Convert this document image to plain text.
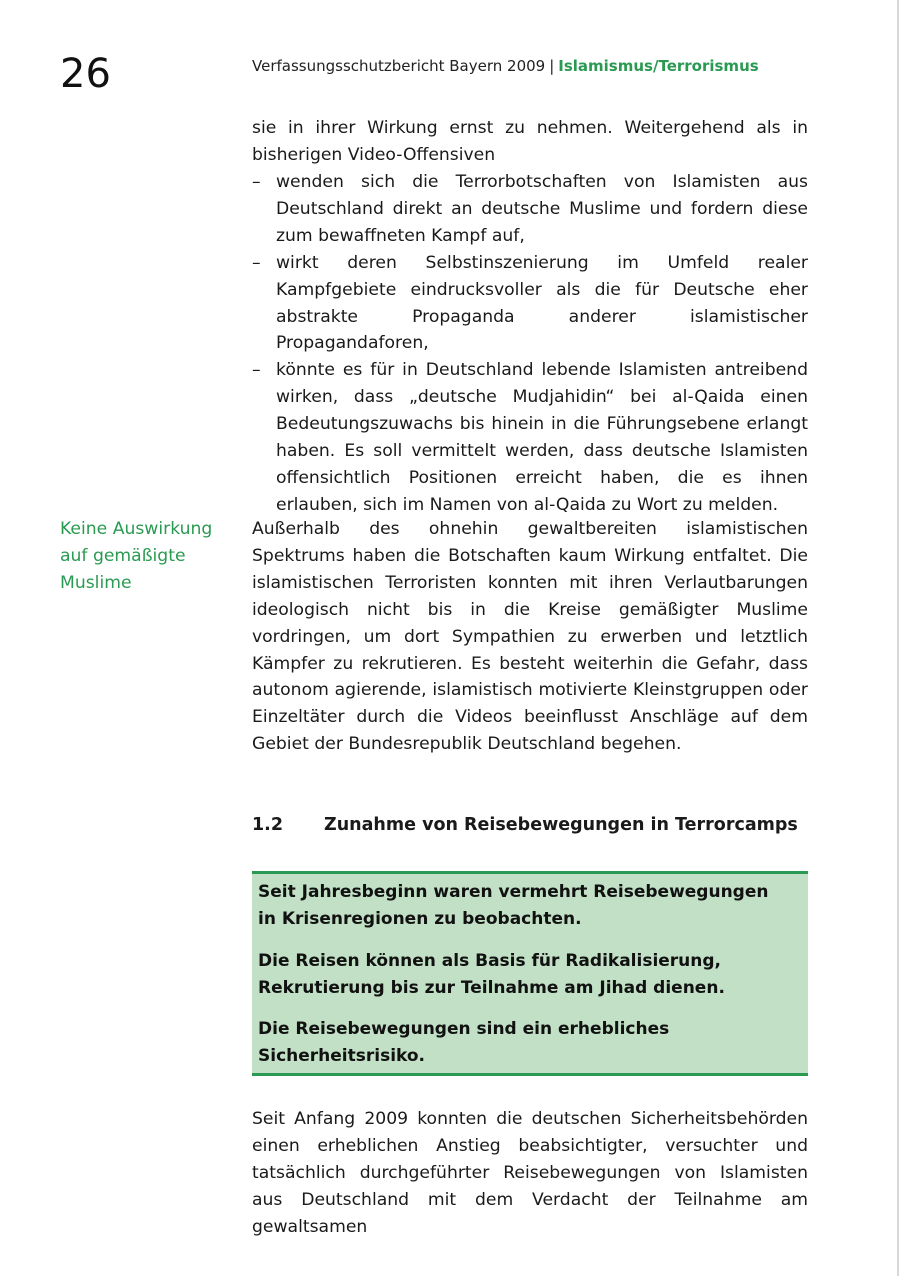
26	Verfassungsschutzbericht Bayern 2009 | Islamismus/Terrorismus
sie in ihrer Wirkung ernst zu nehmen. Weitergehend als in bisherigen Video-Offensiven
– wenden sich die Terrorbotschaften von Islamisten aus Deutschland direkt an deutsche Muslime und fordern diese zum bewaffneten Kampf auf,
– wirkt deren Selbstinszenierung im Umfeld realer Kampfgebiete eindrucksvoller als die für Deutsche eher abstrakte Propaganda anderer islamistischer Propagandaforen,
– könnte es für in Deutschland lebende Islamisten antreibend wirken, dass „deutsche Mudjahidin“ bei al-Qaida einen Bedeutungszuwachs bis hinein in die Führungsebene erlangt haben. Es soll vermittelt werden, dass deutsche Islamisten offensichtlich Positionen erreicht haben, die es ihnen erlauben, sich im Namen von al-Qaida zu Wort zu melden.
Keine Auswirkung auf gemäßigte Muslime
Außerhalb des ohnehin gewaltbereiten islamistischen Spektrums haben die Botschaften kaum Wirkung entfaltet. Die islamistischen Terroristen konnten mit ihren Verlautbarungen ideologisch nicht bis in die Kreise gemäßigter Muslime vordringen, um dort Sympathien zu erwerben und letztlich Kämpfer zu rekrutieren. Es besteht weiterhin die Gefahr, dass autonom agierende, islamistisch motivierte Kleinstgruppen oder Einzeltäter durch die Videos beeinflusst Anschläge auf dem Gebiet der Bundesrepublik Deutschland begehen.
1.2 Zunahme von Reisebewegungen in Terrorcamps

Seit Jahresbeginn waren vermehrt Reisebewegungen in Krisenregionen zu beobachten.

Die Reisen können als Basis für Radikalisierung, Rekrutierung bis zur Teilnahme am Jihad dienen.

Die Reisebewegungen sind ein erhebliches Sicherheitsrisiko.

Seit Anfang 2009 konnten die deutschen Sicherheitsbehörden einen erheblichen Anstieg beabsichtigter, versuchter und tatsächlich durchgeführter Reisebewegungen von Islamisten aus Deutschland mit dem Verdacht der Teilnahme am gewaltsamen
